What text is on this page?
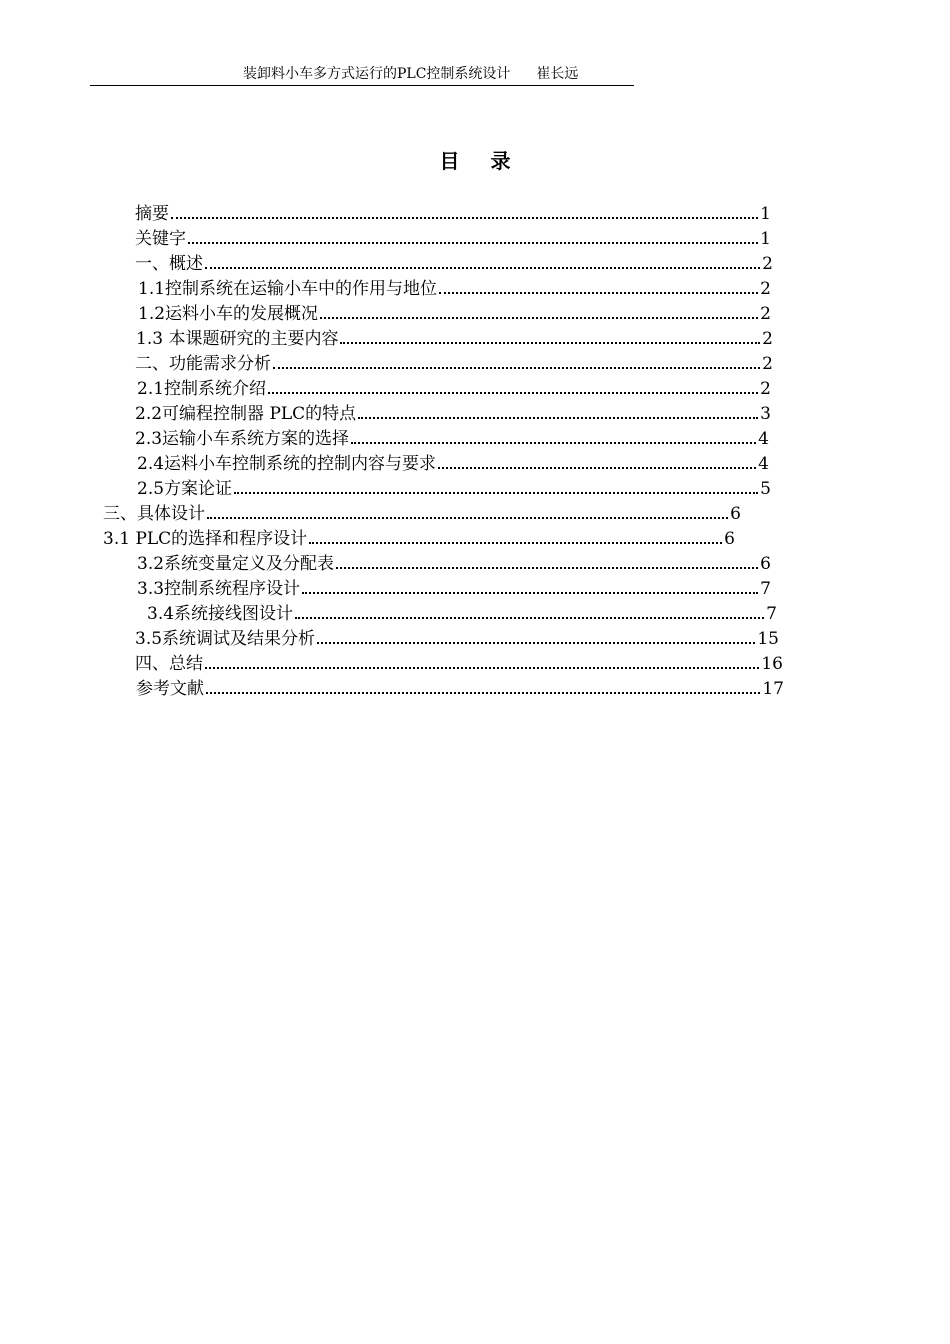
装卸料小车多方式运行的PLC控制系统设计 崔长远
目 录
摘要	1
关键字	1
一、概述	2
1.1控制系统在运输小车中的作用与地位	2
1.2运料小车的发展概况	2
1.3 本课题研究的主要内容	2
二、功能需求分析	2
2.1控制系统介绍	2
2.2可编程控制器 PLC的特点	3
2.3运输小车系统方案的选择	4
2.4运料小车控制系统的控制内容与要求	4
2.5方案论证	5
三、具体设计	6
3.1 PLC的选择和程序设计	6
3.2系统变量定义及分配表	6
3.3控制系统程序设计	7
3.4系统接线图设计	7
3.5系统调试及结果分析	15
四、总结	16
参考文献	17
